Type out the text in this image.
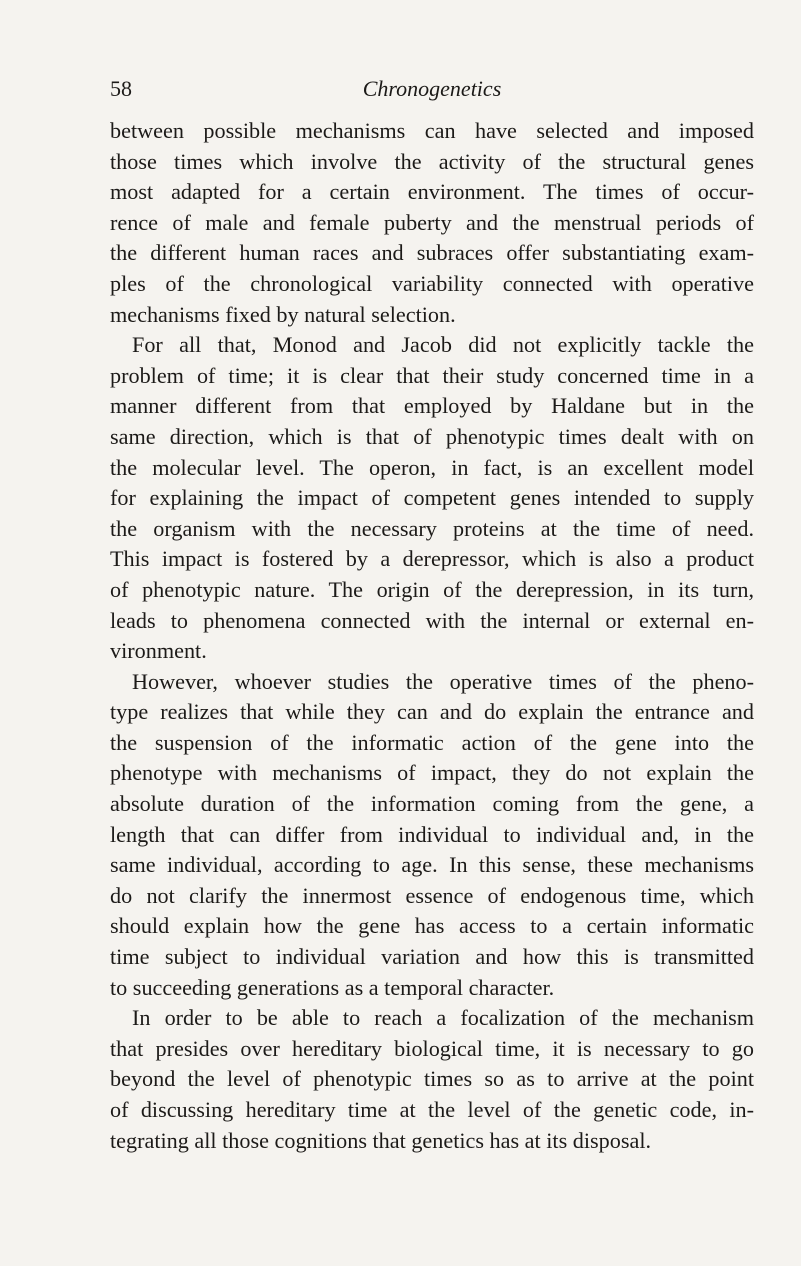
58	Chronogenetics
between possible mechanisms can have selected and imposed
those times which involve the activity of the structural genes
most adapted for a certain environment. The times of occur-
rence of male and female puberty and the menstrual periods of
the different human races and subraces offer substantiating exam-
ples of the chronological variability connected with operative
mechanisms fixed by natural selection.
For all that, Monod and Jacob did not explicitly tackle the
problem of time; it is clear that their study concerned time in a
manner different from that employed by Haldane but in the
same direction, which is that of phenotypic times dealt with on
the molecular level. The operon, in fact, is an excellent model
for explaining the impact of competent genes intended to supply
the organism with the necessary proteins at the time of need.
This impact is fostered by a derepressor, which is also a product
of phenotypic nature. The origin of the derepression, in its turn,
leads to phenomena connected with the internal or external en-
vironment.
However, whoever studies the operative times of the pheno-
type realizes that while they can and do explain the entrance and
the suspension of the informatic action of the gene into the
phenotype with mechanisms of impact, they do not explain the
absolute duration of the information coming from the gene, a
length that can differ from individual to individual and, in the
same individual, according to age. In this sense, these mechanisms
do not clarify the innermost essence of endogenous time, which
should explain how the gene has access to a certain informatic
time subject to individual variation and how this is transmitted
to succeeding generations as a temporal character.
In order to be able to reach a focalization of the mechanism
that presides over hereditary biological time, it is necessary to go
beyond the level of phenotypic times so as to arrive at the point
of discussing hereditary time at the level of the genetic code, in-
tegrating all those cognitions that genetics has at its disposal.
